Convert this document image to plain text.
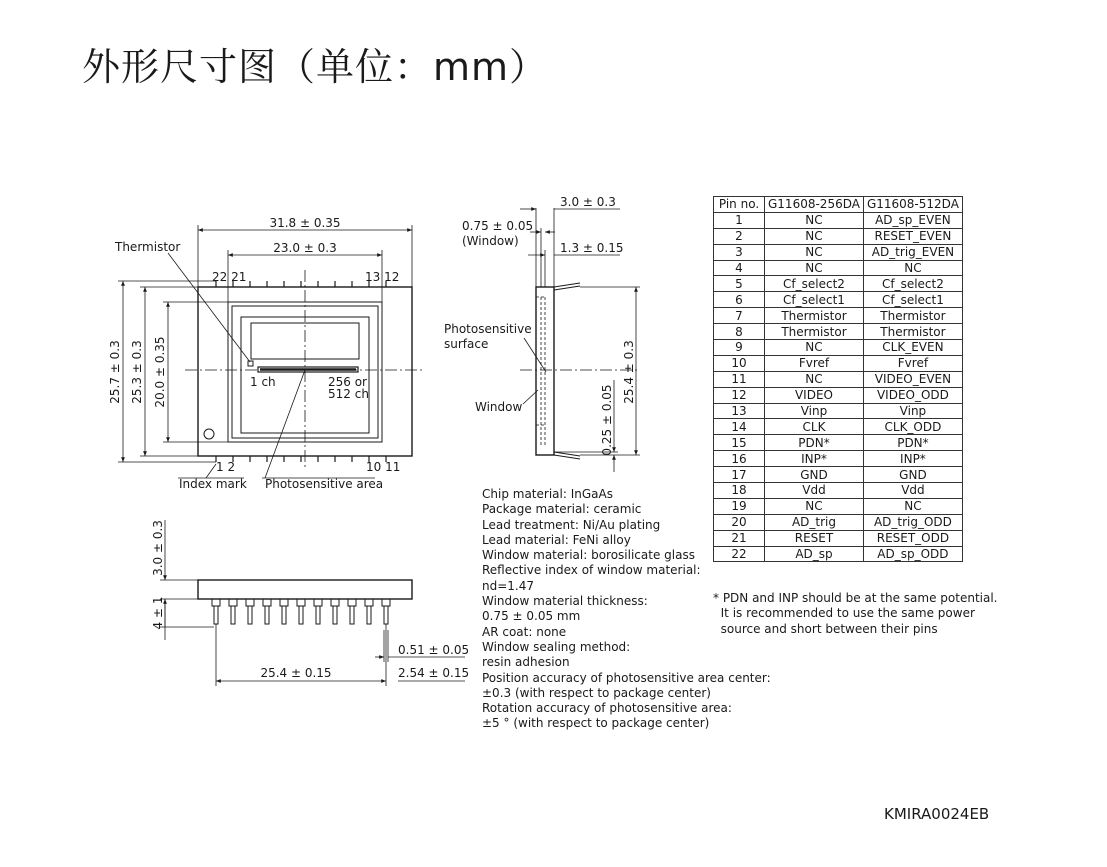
外形尺寸图（单位：mm）
31.8 ± 0.35
23.0 ± 0.3
Thermistor
22 21	13 12
1 2	10 11
Index mark Photosensitive area
1 ch	256 or
512 ch
25.7 ± 0.3 25.3 ± 0.3 20.0 ± 0.35
3.0 ± 0.3
0.75 ± 0.05
(Window)	1.3 ± 0.15
Photosensitive
surface
Window
25.4 ± 0.3
0.25 ± 0.05
3.0 ± 0.3
4 ± 1
25.4 ± 0.15
0.51 ± 0.05
2.54 ± 0.15
Pin no.	G11608-256DA	G11608-512DA
1	NC	AD_sp_EVEN
2	NC	RESET_EVEN
3	NC	AD_trig_EVEN
4	NC	NC
5	Cf_select2	Cf_select2
6	Cf_select1	Cf_select1
7	Thermistor	Thermistor
8	Thermistor	Thermistor
9	NC	CLK_EVEN
10	Fvref	Fvref
11	NC	VIDEO_EVEN
12	VIDEO	VIDEO_ODD
13	Vinp	Vinp
14	CLK	CLK_ODD
15	PDN*	PDN*
16	INP*	INP*
17	GND	GND
18	Vdd	Vdd
19	NC	NC
20	AD_trig	AD_trig_ODD
21	RESET	RESET_ODD
22	AD_sp	AD_sp_ODD
Chip material: InGaAs
Package material: ceramic
Lead treatment: Ni/Au plating
Lead material: FeNi alloy
Window material: borosilicate glass
Reflective index of window material:
nd=1.47
Window material thickness:
0.75 ± 0.05 mm
AR coat: none
Window sealing method:
resin adhesion
Position accuracy of photosensitive area center:
±0.3 (with respect to package center)
Rotation accuracy of photosensitive area:
±5 ° (with respect to package center)
* PDN and INP should be at the same potential.
It is recommended to use the same power
source and short between their pins
KMIRA0024EB
